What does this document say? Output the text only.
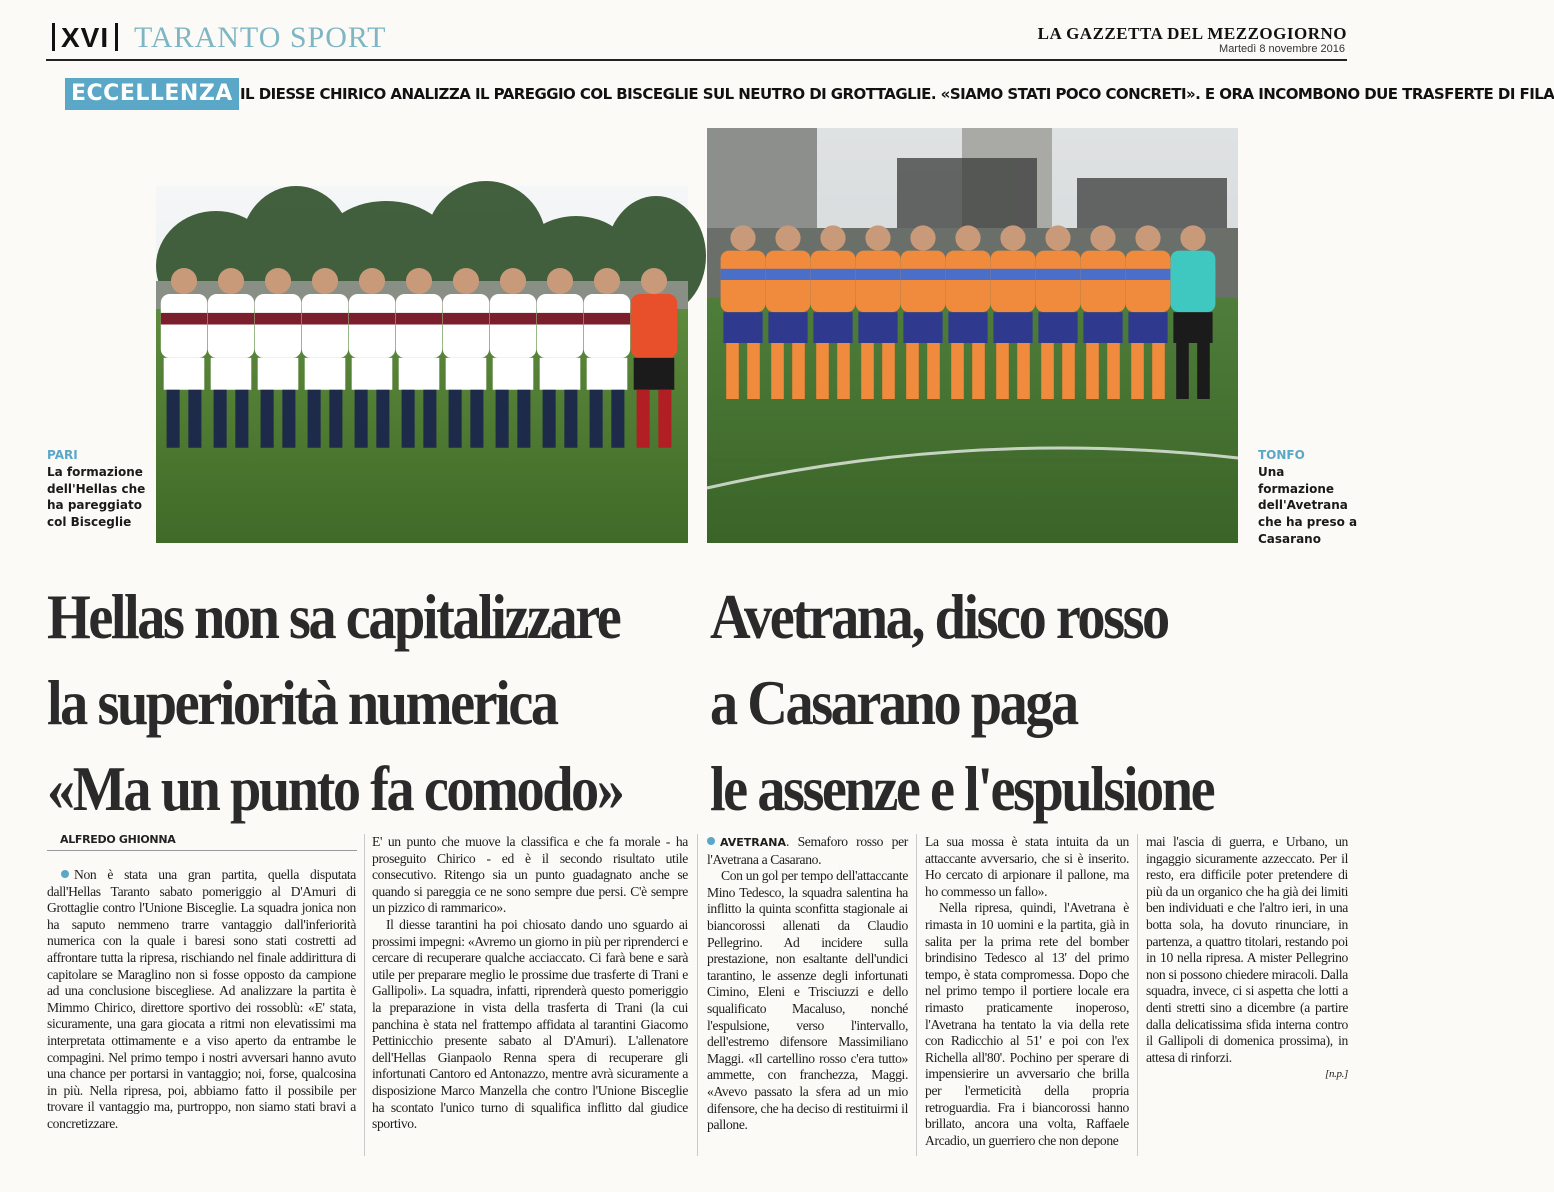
XVI TARANTO SPORT	LA GAZZETTA DEL MEZZOGIORNO
Martedì 8 novembre 2016
ECCELLENZA IL DIESSE CHIRICO ANALIZZA IL PAREGGIO COL BISCEGLIE SUL NEUTRO DI GROTTAGLIE. «SIAMO STATI POCO CONCRETI». E ORA INCOMBONO DUE TRASFERTE DI FILA
PARI
La formazione dell'Hellas che ha pareggiato col Bisceglie
TONFO
Una formazione dell'Avetrana che ha preso a Casarano
Hellas non sa capitalizzare
la superiorità numerica
«Ma un punto fa comodo»
Avetrana, disco rosso
a Casarano paga
le assenze e l'espulsione
ALFREDO GHIONNA

Non è stata una gran partita, quella disputata dall'Hellas Taranto sabato pomeriggio al D'Amuri di Grottaglie contro l'Unione Bisceglie. La squadra jonica non ha saputo nemmeno trarre vantaggio dall'inferiorità numerica con la quale i baresi sono stati costretti ad affrontare tutta la ripresa, rischiando nel finale addirittura di capitolare se Maraglino non si fosse opposto da campione ad una conclusione biscegliese. Ad analizzare la partita è Mimmo Chirico, direttore sportivo dei rossoblù: «E' stata, sicuramente, una gara giocata a ritmi non elevatissimi ma interpretata ottimamente e a viso aperto da entrambe le compagini. Nel primo tempo i nostri avversari hanno avuto una chance per portarsi in vantaggio; noi, forse, qualcosina in più. Nella ripresa, poi, abbiamo fatto il possibile per trovare il vantaggio ma, purtroppo, non siamo stati bravi a concretizzare.

E' un punto che muove la classifica e che fa morale - ha proseguito Chirico - ed è il secondo risultato utile consecutivo. Ritengo sia un punto guadagnato anche se quando si pareggia ce ne sono sempre due persi. C'è sempre un pizzico di rammarico».

Il diesse tarantini ha poi chiosato dando uno sguardo ai prossimi impegni: «Avremo un giorno in più per riprenderci e cercare di recuperare qualche acciaccato. Ci farà bene e sarà utile per preparare meglio le prossime due trasferte di Trani e Gallipoli». La squadra, infatti, riprenderà questo pomeriggio la preparazione in vista della trasferta di Trani (la cui panchina è stata nel frattempo affidata al tarantini Giacomo Pettinicchio presente sabato al D'Amuri). L'allenatore dell'Hellas Gianpaolo Renna spera di recuperare gli infortunati Cantoro ed Antonazzo, mentre avrà sicuramente a disposizione Marco Manzella che contro l'Unione Bisceglie ha scontato l'unico turno di squalifica inflitto dal giudice sportivo.

AVETRANA. Semaforo rosso per l'Avetrana a Casarano.

Con un gol per tempo dell'attaccante Mino Tedesco, la squadra salentina ha inflitto la quinta sconfitta stagionale ai biancorossi allenati da Claudio Pellegrino. Ad incidere sulla prestazione, non esaltante dell'undici tarantino, le assenze degli infortunati Cimino, Eleni e Trisciuzzi e dello squalificato Macaluso, nonché l'espulsione, verso l'intervallo, dell'estremo difensore Massimiliano Maggi. «Il cartellino rosso c'era tutto» ammette, con franchezza, Maggi. «Avevo passato la sfera ad un mio difensore, che ha deciso di restituirmi il pallone.

La sua mossa è stata intuita da un attaccante avversario, che si è inserito. Ho cercato di arpionare il pallone, ma ho commesso un fallo».

Nella ripresa, quindi, l'Avetrana è rimasta in 10 uomini e la partita, già in salita per la prima rete del bomber brindisino Tedesco al 13' del primo tempo, è stata compromessa. Dopo che nel primo tempo il portiere locale era rimasto praticamente inoperoso, l'Avetrana ha tentato la via della rete con Radicchio al 51' e poi con l'ex Richella all'80'. Pochino per sperare di impensierire un avversario che brilla per l'ermeticità della propria retroguardia. Fra i biancorossi hanno brillato, ancora una volta, Raffaele Arcadio, un guerriero che non depone

mai l'ascia di guerra, e Urbano, un ingaggio sicuramente azzeccato. Per il resto, era difficile poter pretendere di più da un organico che ha già dei limiti ben individuati e che l'altro ieri, in una botta sola, ha dovuto rinunciare, in partenza, a quattro titolari, restando poi in 10 nella ripresa. A mister Pellegrino non si possono chiedere miracoli. Dalla squadra, invece, ci si aspetta che lotti a denti stretti sino a dicembre (a partire dalla delicatissima sfida interna contro il Gallipoli di domenica prossima), in attesa di rinforzi.

[n.p.]
